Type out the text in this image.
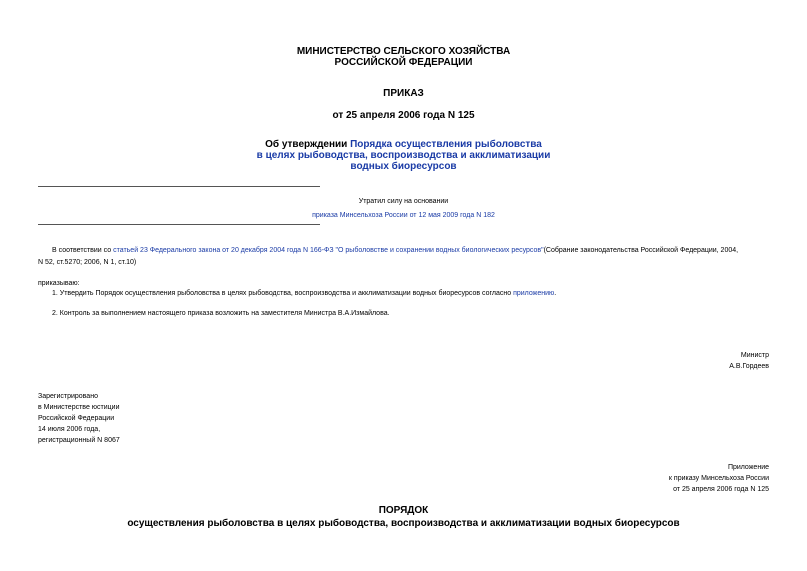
МИНИСТЕРСТВО СЕЛЬСКОГО ХОЗЯЙСТВА
РОССИЙСКОЙ ФЕДЕРАЦИИ
ПРИКАЗ
от 25 апреля 2006 года N 125
Об утверждении Порядка осуществления рыболовства
в целях рыбоводства, воспроизводства и акклиматизации
водных биоресурсов
Утратил силу на основании
приказа Минсельхоза России от 12 мая 2009 года N 182
В соответствии со статьей 23 Федерального закона от 20 декабря 2004 года N 166-ФЗ "О рыболовстве и сохранении водных биологических ресурсов"(Собрание законодательства Российской Федерации, 2004,
N 52, ст.5270; 2006, N 1, ст.10)
приказываю:
1. Утвердить Порядок осуществления рыболовства в целях рыбоводства, воспроизводства и акклиматизации водных биоресурсов согласно приложению.
2. Контроль за выполнением настоящего приказа возложить на заместителя Министра В.А.Измайлова.
Министр
А.В.Гордеев
Зарегистрировано
в Министерстве юстиции
Российской Федерации
14 июля 2006 года,
регистрационный N 8067
Приложение
к приказу Минсельхоза России
от 25 апреля 2006 года N 125
ПОРЯДОК
осуществления рыболовства в целях рыбоводства, воспроизводства и акклиматизации водных биоресурсов
